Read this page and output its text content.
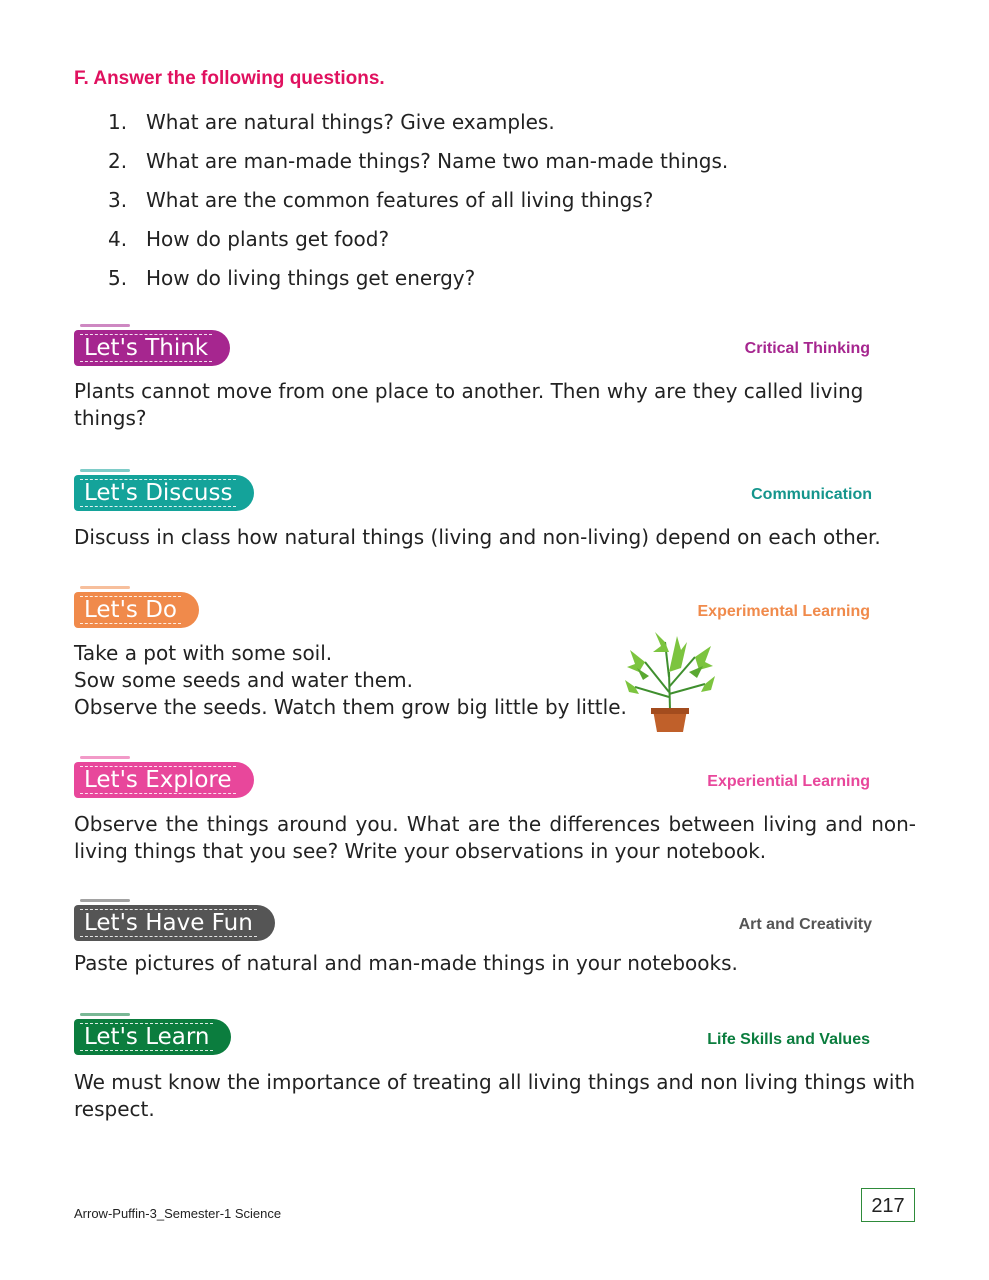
F. Answer the following questions.
1. What are natural things? Give examples.
2. What are man-made things? Name two man-made things.
3. What are the common features of all living things?
4. How do plants get food?
5. How do living things get energy?
Let's Think	Critical Thinking
Plants cannot move from one place to another. Then why are they called living things?
Let's Discuss	Communication
Discuss in class how natural things (living and non-living) depend on each other.
Let's Do	Experimental Learning
Take a pot with some soil.
Sow some seeds and water them.
Observe the seeds. Watch them grow big little by little.
Let's Explore	Experiential Learning
Observe the things around you. What are the differences between living and non-living things that you see? Write your observations in your notebook.
Let's Have Fun	Art and Creativity
Paste pictures of natural and man-made things in your notebooks.
Let's Learn	Life Skills and Values
We must know the importance of treating all living things and non living things with respect.
Arrow-Puffin-3_Semester-1 Science	217
